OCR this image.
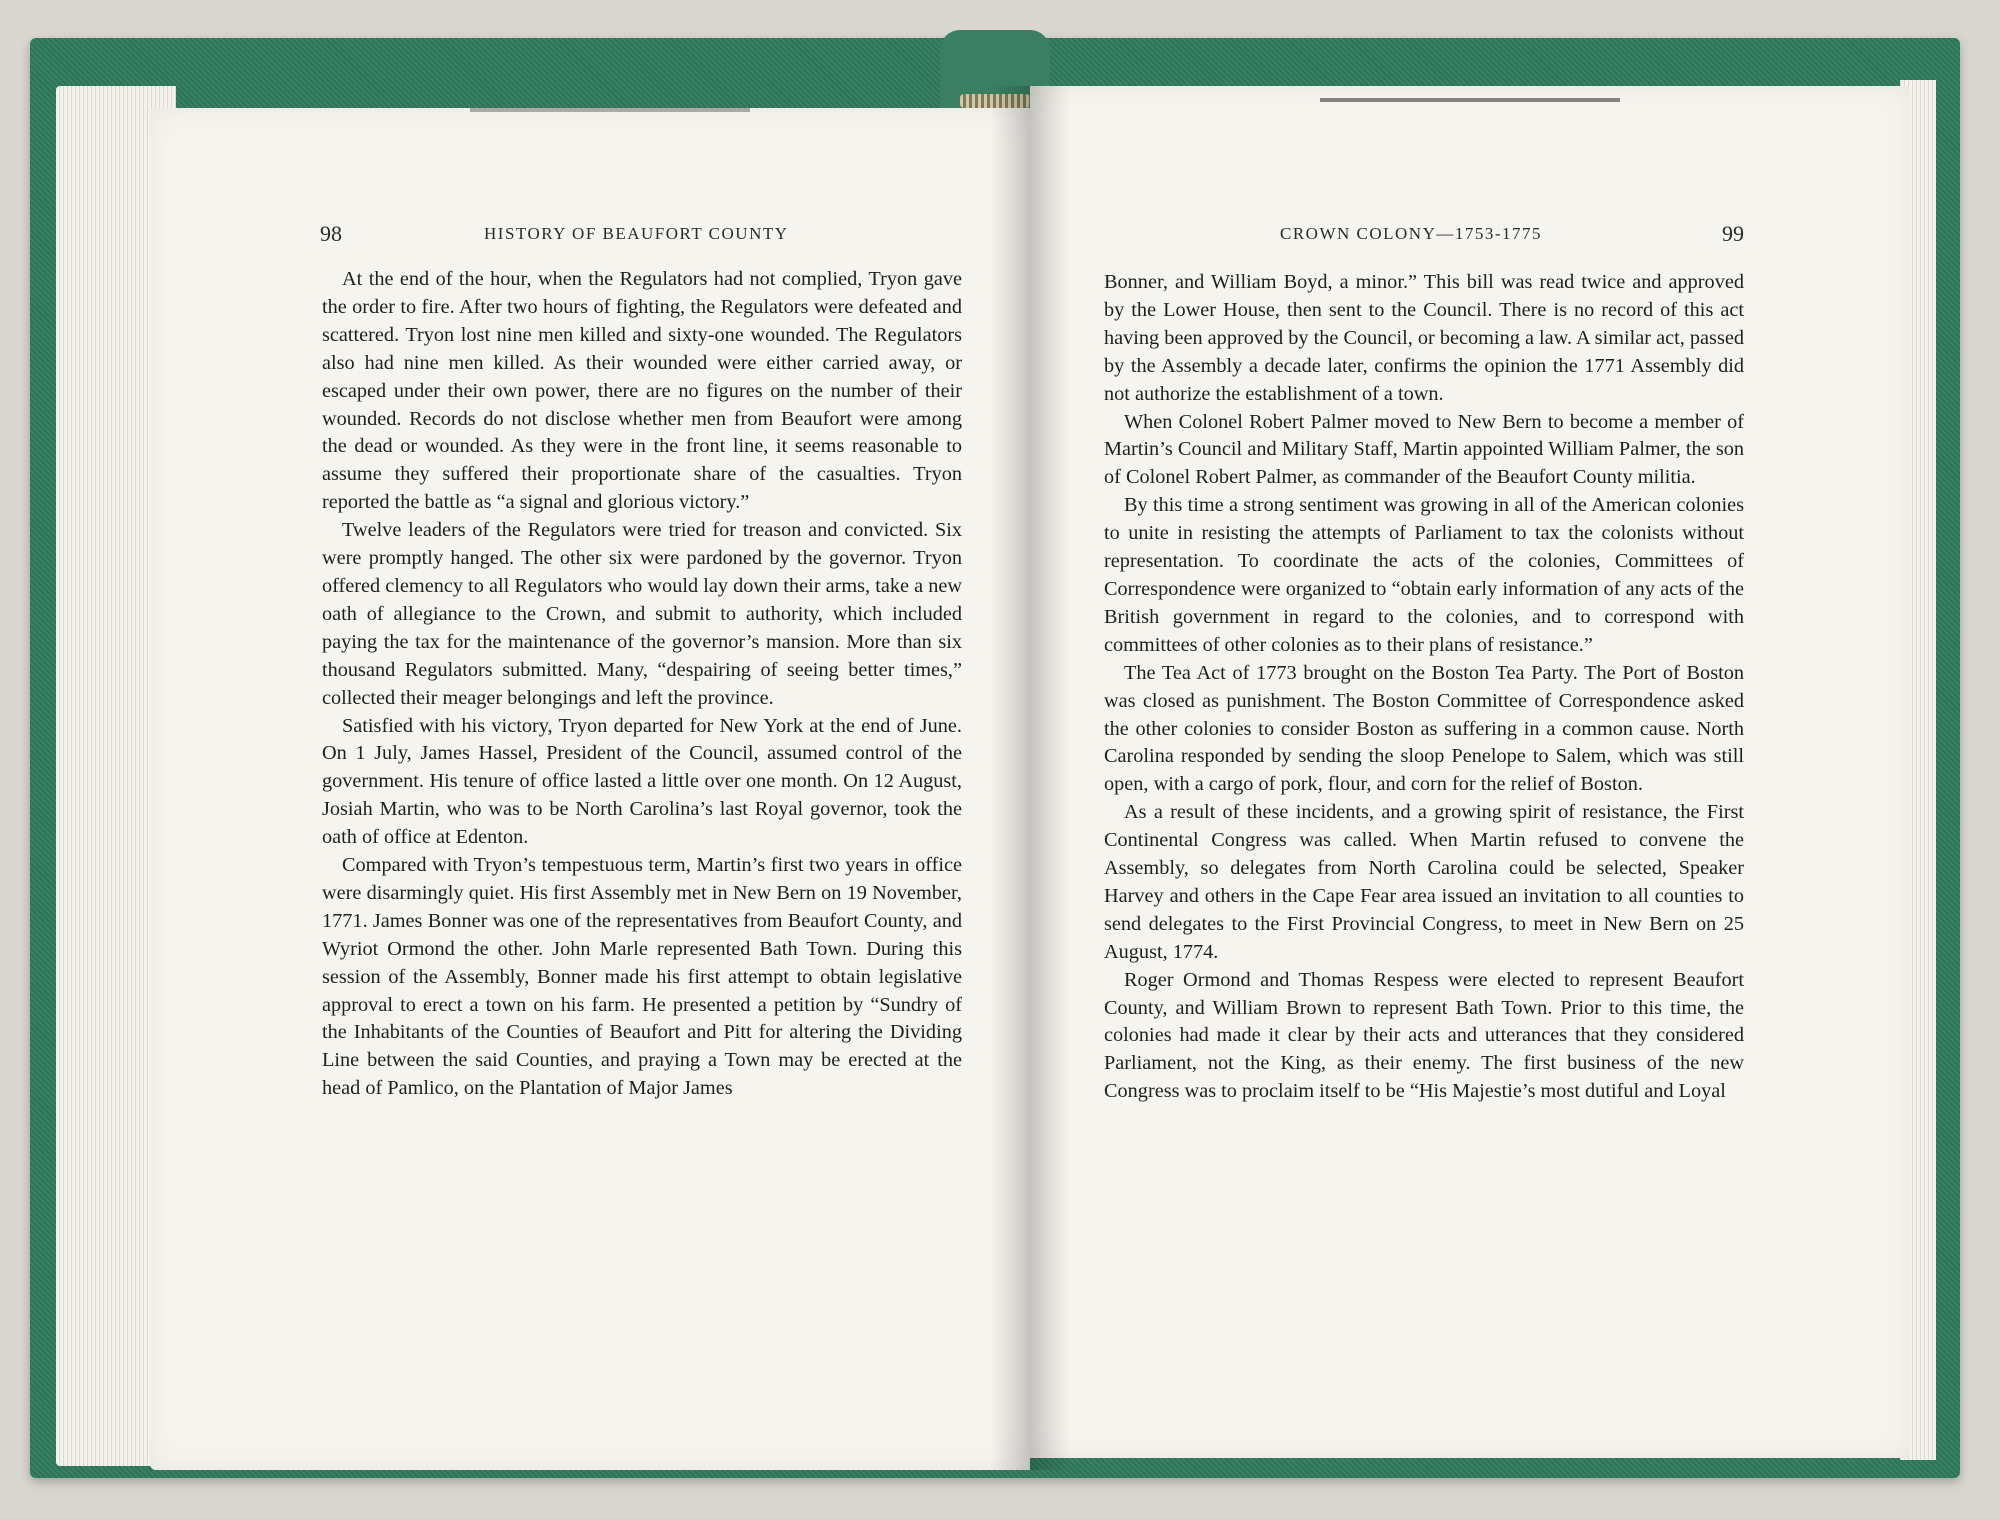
98	HISTORY OF BEAUFORT COUNTY	CROWN COLONY—1753-1775	99

At the end of the hour, when the Regulators had not complied, Tryon gave the order to fire. After two hours of fighting, the Regulators were defeated and scattered. Tryon lost nine men killed and sixty-one wounded. The Regulators also had nine men killed. As their wounded were either carried away, or escaped under their own power, there are no figures on the number of their wounded. Records do not disclose whether men from Beaufort were among the dead or wounded. As they were in the front line, it seems reasonable to assume they suffered their proportionate share of the casualties. Tryon reported the battle as “a signal and glorious victory.”

Twelve leaders of the Regulators were tried for treason and convicted. Six were promptly hanged. The other six were pardoned by the governor. Tryon offered clemency to all Regulators who would lay down their arms, take a new oath of allegiance to the Crown, and submit to authority, which included paying the tax for the maintenance of the governor’s mansion. More than six thousand Regulators submitted. Many, “despairing of seeing better times,” collected their meager belongings and left the province.

Satisfied with his victory, Tryon departed for New York at the end of June. On 1 July, James Hassel, President of the Council, assumed control of the government. His tenure of office lasted a little over one month. On 12 August, Josiah Martin, who was to be North Carolina’s last Royal governor, took the oath of office at Edenton.

Compared with Tryon’s tempestuous term, Martin’s first two years in office were disarmingly quiet. His first Assembly met in New Bern on 19 November, 1771. James Bonner was one of the representatives from Beaufort County, and Wyriot Ormond the other. John Marle represented Bath Town. During this session of the Assembly, Bonner made his first attempt to obtain legislative approval to erect a town on his farm. He presented a petition by “Sundry of the Inhabitants of the Counties of Beaufort and Pitt for altering the Dividing Line between the said Counties, and praying a Town may be erected at the head of Pamlico, on the Plantation of Major James

Bonner, and William Boyd, a minor.” This bill was read twice and approved by the Lower House, then sent to the Council. There is no record of this act having been approved by the Council, or becoming a law. A similar act, passed by the Assembly a decade later, confirms the opinion the 1771 Assembly did not authorize the establishment of a town.

When Colonel Robert Palmer moved to New Bern to become a member of Martin’s Council and Military Staff, Martin appointed William Palmer, the son of Colonel Robert Palmer, as commander of the Beaufort County militia.

By this time a strong sentiment was growing in all of the American colonies to unite in resisting the attempts of Parliament to tax the colonists without representation. To coordinate the acts of the colonies, Committees of Correspondence were organized to “obtain early information of any acts of the British government in regard to the colonies, and to correspond with committees of other colonies as to their plans of resistance.”

The Tea Act of 1773 brought on the Boston Tea Party. The Port of Boston was closed as punishment. The Boston Committee of Correspondence asked the other colonies to consider Boston as suffering in a common cause. North Carolina responded by sending the sloop Penelope to Salem, which was still open, with a cargo of pork, flour, and corn for the relief of Boston.

As a result of these incidents, and a growing spirit of resistance, the First Continental Congress was called. When Martin refused to convene the Assembly, so delegates from North Carolina could be selected, Speaker Harvey and others in the Cape Fear area issued an invitation to all counties to send delegates to the First Provincial Congress, to meet in New Bern on 25 August, 1774.

Roger Ormond and Thomas Respess were elected to represent Beaufort County, and William Brown to represent Bath Town. Prior to this time, the colonies had made it clear by their acts and utterances that they considered Parliament, not the King, as their enemy. The first business of the new Congress was to proclaim itself to be “His Majestie’s most dutiful and Loyal
